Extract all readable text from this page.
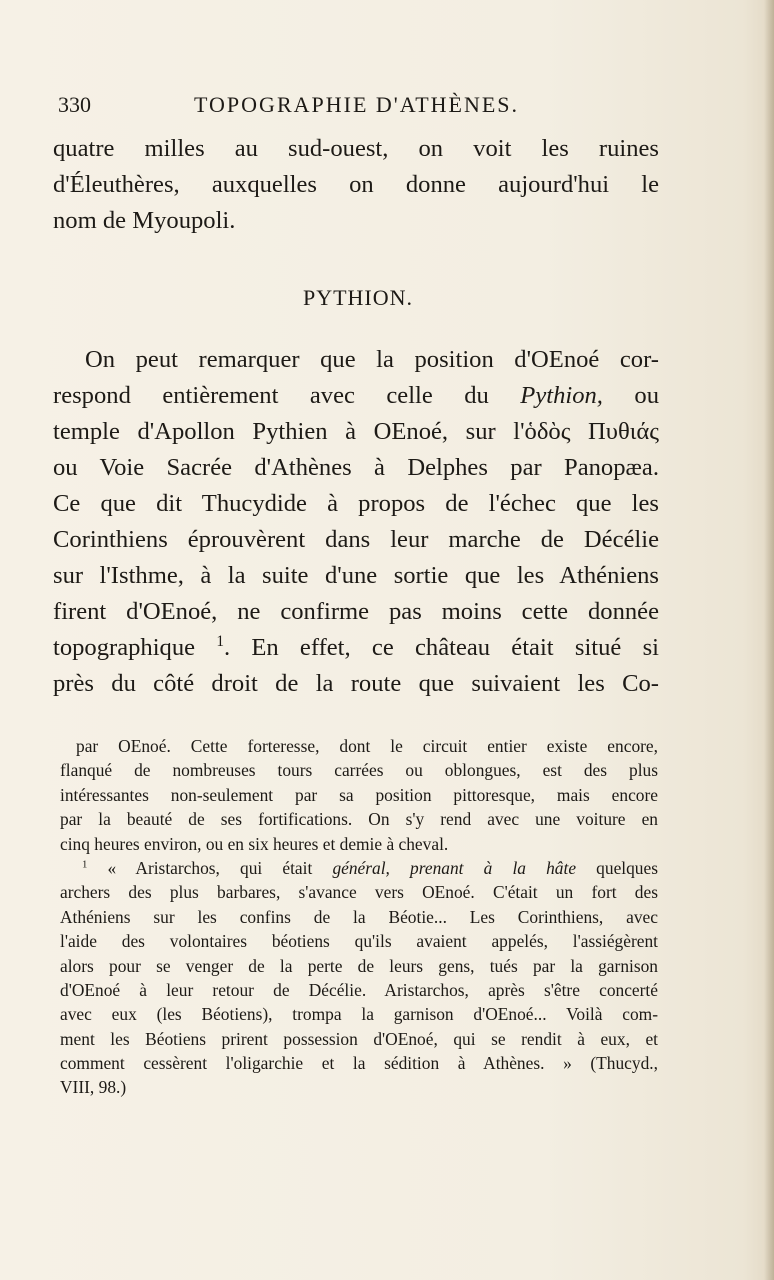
330	TOPOGRAPHIE D'ATHÈNES.
quatre milles au sud-ouest, on voit les ruines
d'Éleuthères, auxquelles on donne aujourd'hui le
nom de Myoupoli.
PYTHION.
On peut remarquer que la position d'OEnoé cor-
respond entièrement avec celle du Pythion, ou
temple d'Apollon Pythien à OEnoé, sur l'ὁδὸς Πυθιάς
ou Voie Sacrée d'Athènes à Delphes par Panopæa.
Ce que dit Thucydide à propos de l'échec que les
Corinthiens éprouvèrent dans leur marche de Décélie
sur l'Isthme, à la suite d'une sortie que les Athéniens
firent d'OEnoé, ne confirme pas moins cette donnée
topographique $^1$. En effet, ce château était situé si
près du côté droit de la route que suivaient les Co-
par OEnoé. Cette forteresse, dont le circuit entier existe encore,
flanqué de nombreuses tours carrées ou oblongues, est des plus
intéressantes non-seulement par sa position pittoresque, mais encore
par la beauté de ses fortifications. On s'y rend avec une voiture en
cinq heures environ, ou en six heures et demie à cheval.
$^1$ « Aristarchos, qui était général, prenant à la hâte quelques
archers des plus barbares, s'avance vers OEnoé. C'était un fort des
Athéniens sur les confins de la Béotie... Les Corinthiens, avec
l'aide des volontaires béotiens qu'ils avaient appelés, l'assiégèrent
alors pour se venger de la perte de leurs gens, tués par la garnison
d'OEnoé à leur retour de Décélie. Aristarchos, après s'être concerté
avec eux (les Béotiens), trompa la garnison d'OEnoé... Voilà com-
ment les Béotiens prirent possession d'OEnoé, qui se rendit à eux, et
comment cessèrent l'oligarchie et la sédition à Athènes. » (Thucyd.,
VIII, 98.)
